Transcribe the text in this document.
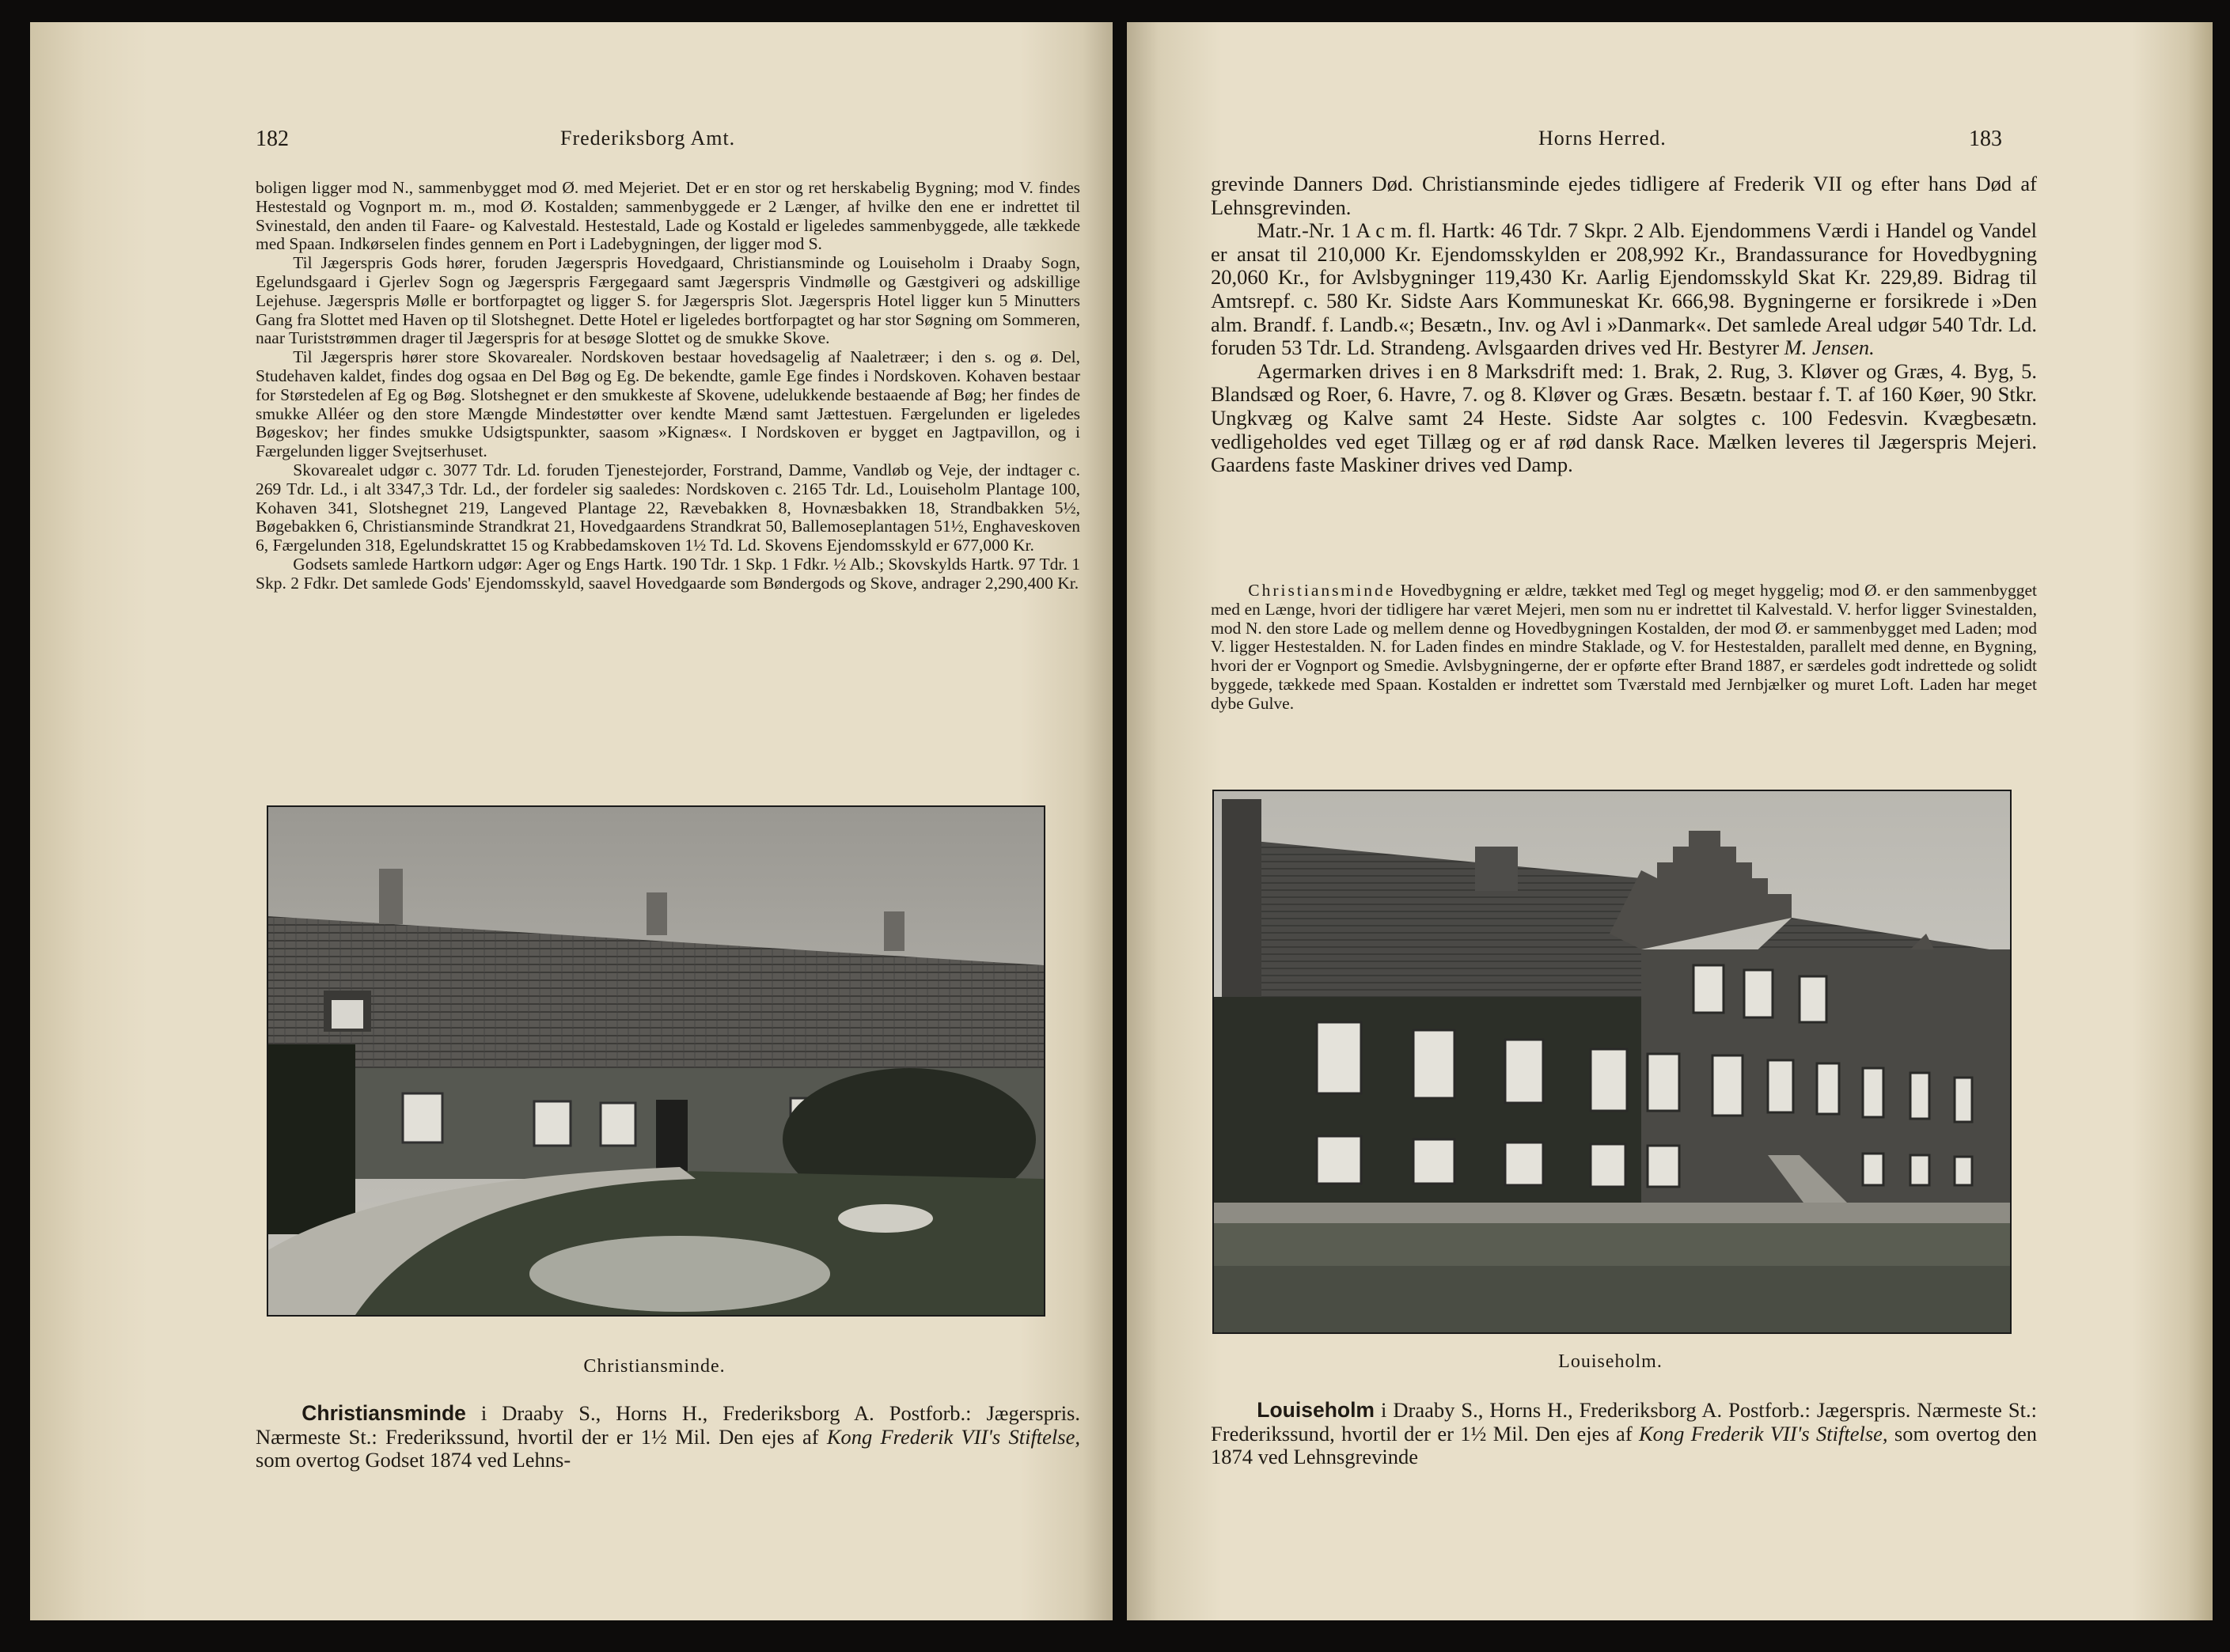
182	Frederiksborg Amt.

boligen ligger mod N., sammenbygget mod Ø. med Mejeriet. Det er en stor og ret herskabelig Bygning; mod V. findes Hestestald og Vognport m. m., mod Ø. Kostalden; sammenbyggede er 2 Længer, af hvilke den ene er indrettet til Svinestald, den anden til Faare- og Kalvestald. Hestestald, Lade og Kostald er ligeledes sammenbyggede, alle tækkede med Spaan. Indkørselen findes gennem en Port i Ladebygningen, der ligger mod S.

Til Jægerspris Gods hører, foruden Jægerspris Hovedgaard, Christiansminde og Louiseholm i Draaby Sogn, Egelundsgaard i Gjerlev Sogn og Jægerspris Færgegaard samt Jægerspris Vindmølle og Gæstgiveri og adskillige Lejehuse. Jægerspris Mølle er bortforpagtet og ligger S. for Jægerspris Slot. Jægerspris Hotel ligger kun 5 Minutters Gang fra Slottet med Haven op til Slotshegnet. Dette Hotel er ligeledes bortforpagtet og har stor Søgning om Sommeren, naar Turiststrømmen drager til Jægerspris for at besøge Slottet og de smukke Skove.

Til Jægerspris hører store Skovarealer. Nordskoven bestaar hovedsagelig af Naaletræer; i den s. og ø. Del, Studehaven kaldet, findes dog ogsaa en Del Bøg og Eg. De bekendte, gamle Ege findes i Nordskoven. Kohaven bestaar for Størstedelen af Eg og Bøg. Slotshegnet er den smukkeste af Skovene, udelukkende bestaaende af Bøg; her findes de smukke Alléer og den store Mængde Mindestøtter over kendte Mænd samt Jættestuen. Færgelunden er ligeledes Bøgeskov; her findes smukke Udsigtspunkter, saasom »Kignæs«. I Nordskoven er bygget en Jagtpavillon, og i Færgelunden ligger Svejtserhuset.

Skovarealet udgør c. 3077 Tdr. Ld. foruden Tjenestejorder, Forstrand, Damme, Vandløb og Veje, der indtager c. 269 Tdr. Ld., i alt 3347,3 Tdr. Ld., der fordeler sig saaledes: Nordskoven c. 2165 Tdr. Ld., Louiseholm Plantage 100, Kohaven 341, Slotshegnet 219, Langeved Plantage 22, Rævebakken 8, Hovnæsbakken 18, Strandbakken 5½, Bøgebakken 6, Christiansminde Strandkrat 21, Hovedgaardens Strandkrat 50, Ballemoseplantagen 51½, Enghaveskoven 6, Færgelunden 318, Egelundskrattet 15 og Krabbedamskoven 1½ Td. Ld. Skovens Ejendomsskyld er 677,000 Kr.

Godsets samlede Hartkorn udgør: Ager og Engs Hartk. 190 Tdr. 1 Skp. 1 Fdkr. ½ Alb.; Skovskylds Hartk. 97 Tdr. 1 Skp. 2 Fdkr. Det samlede Gods' Ejendomsskyld, saavel Hovedgaarde som Bøndergods og Skove, andrager 2,290,400 Kr.

Christiansminde.

Christiansminde i Draaby S., Horns H., Frederiksborg A. Postforb.: Jægerspris. Nærmeste St.: Frederikssund, hvortil der er 1½ Mil. Den ejes af Kong Frederik VII's Stiftelse, som overtog Godset 1874 ved Lehns-

Horns Herred.	183

grevinde Danners Død. Christiansminde ejedes tidligere af Frederik VII og efter hans Død af Lehnsgrevinden.

Matr.-Nr. 1 A c m. fl. Hartk: 46 Tdr. 7 Skpr. 2 Alb. Ejendommens Værdi i Handel og Vandel er ansat til 210,000 Kr. Ejendomsskylden er 208,992 Kr., Brandassurance for Hovedbygning 20,060 Kr., for Avlsbygninger 119,430 Kr. Aarlig Ejendomsskyld Skat Kr. 229,89. Bidrag til Amtsrepf. c. 580 Kr. Sidste Aars Kommuneskat Kr. 666,98. Bygningerne er forsikrede i »Den alm. Brandf. f. Landb.«; Besætn., Inv. og Avl i »Danmark«. Det samlede Areal udgør 540 Tdr. Ld. foruden 53 Tdr. Ld. Strandeng. Avlsgaarden drives ved Hr. Bestyrer M. Jensen.

Agermarken drives i en 8 Marksdrift med: 1. Brak, 2. Rug, 3. Kløver og Græs, 4. Byg, 5. Blandsæd og Roer, 6. Havre, 7. og 8. Kløver og Græs. Besætn. bestaar f. T. af 160 Køer, 90 Stkr. Ungkvæg og Kalve samt 24 Heste. Sidste Aar solgtes c. 100 Fedesvin. Kvægbesætn. vedligeholdes ved eget Tillæg og er af rød dansk Race. Mælken leveres til Jægerspris Mejeri. Gaardens faste Maskiner drives ved Damp.

Christiansminde Hovedbygning er ældre, tækket med Tegl og meget hyggelig; mod Ø. er den sammenbygget med en Længe, hvori der tidligere har været Mejeri, men som nu er indrettet til Kalvestald. V. herfor ligger Svinestalden, mod N. den store Lade og mellem denne og Hovedbygningen Kostalden, der mod Ø. er sammenbygget med Laden; mod V. ligger Hestestalden. N. for Laden findes en mindre Staklade, og V. for Hestestalden, parallelt med denne, en Bygning, hvori der er Vognport og Smedie. Avlsbygningerne, der er opførte efter Brand 1887, er særdeles godt indrettede og solidt byggede, tækkede med Spaan. Kostalden er indrettet som Tværstald med Jernbjælker og muret Loft. Laden har meget dybe Gulve.

Louiseholm.

Louiseholm i Draaby S., Horns H., Frederiksborg A. Postforb.: Jægerspris. Nærmeste St.: Frederikssund, hvortil der er 1½ Mil. Den ejes af Kong Frederik VII's Stiftelse, som overtog den 1874 ved Lehnsgrevinde
